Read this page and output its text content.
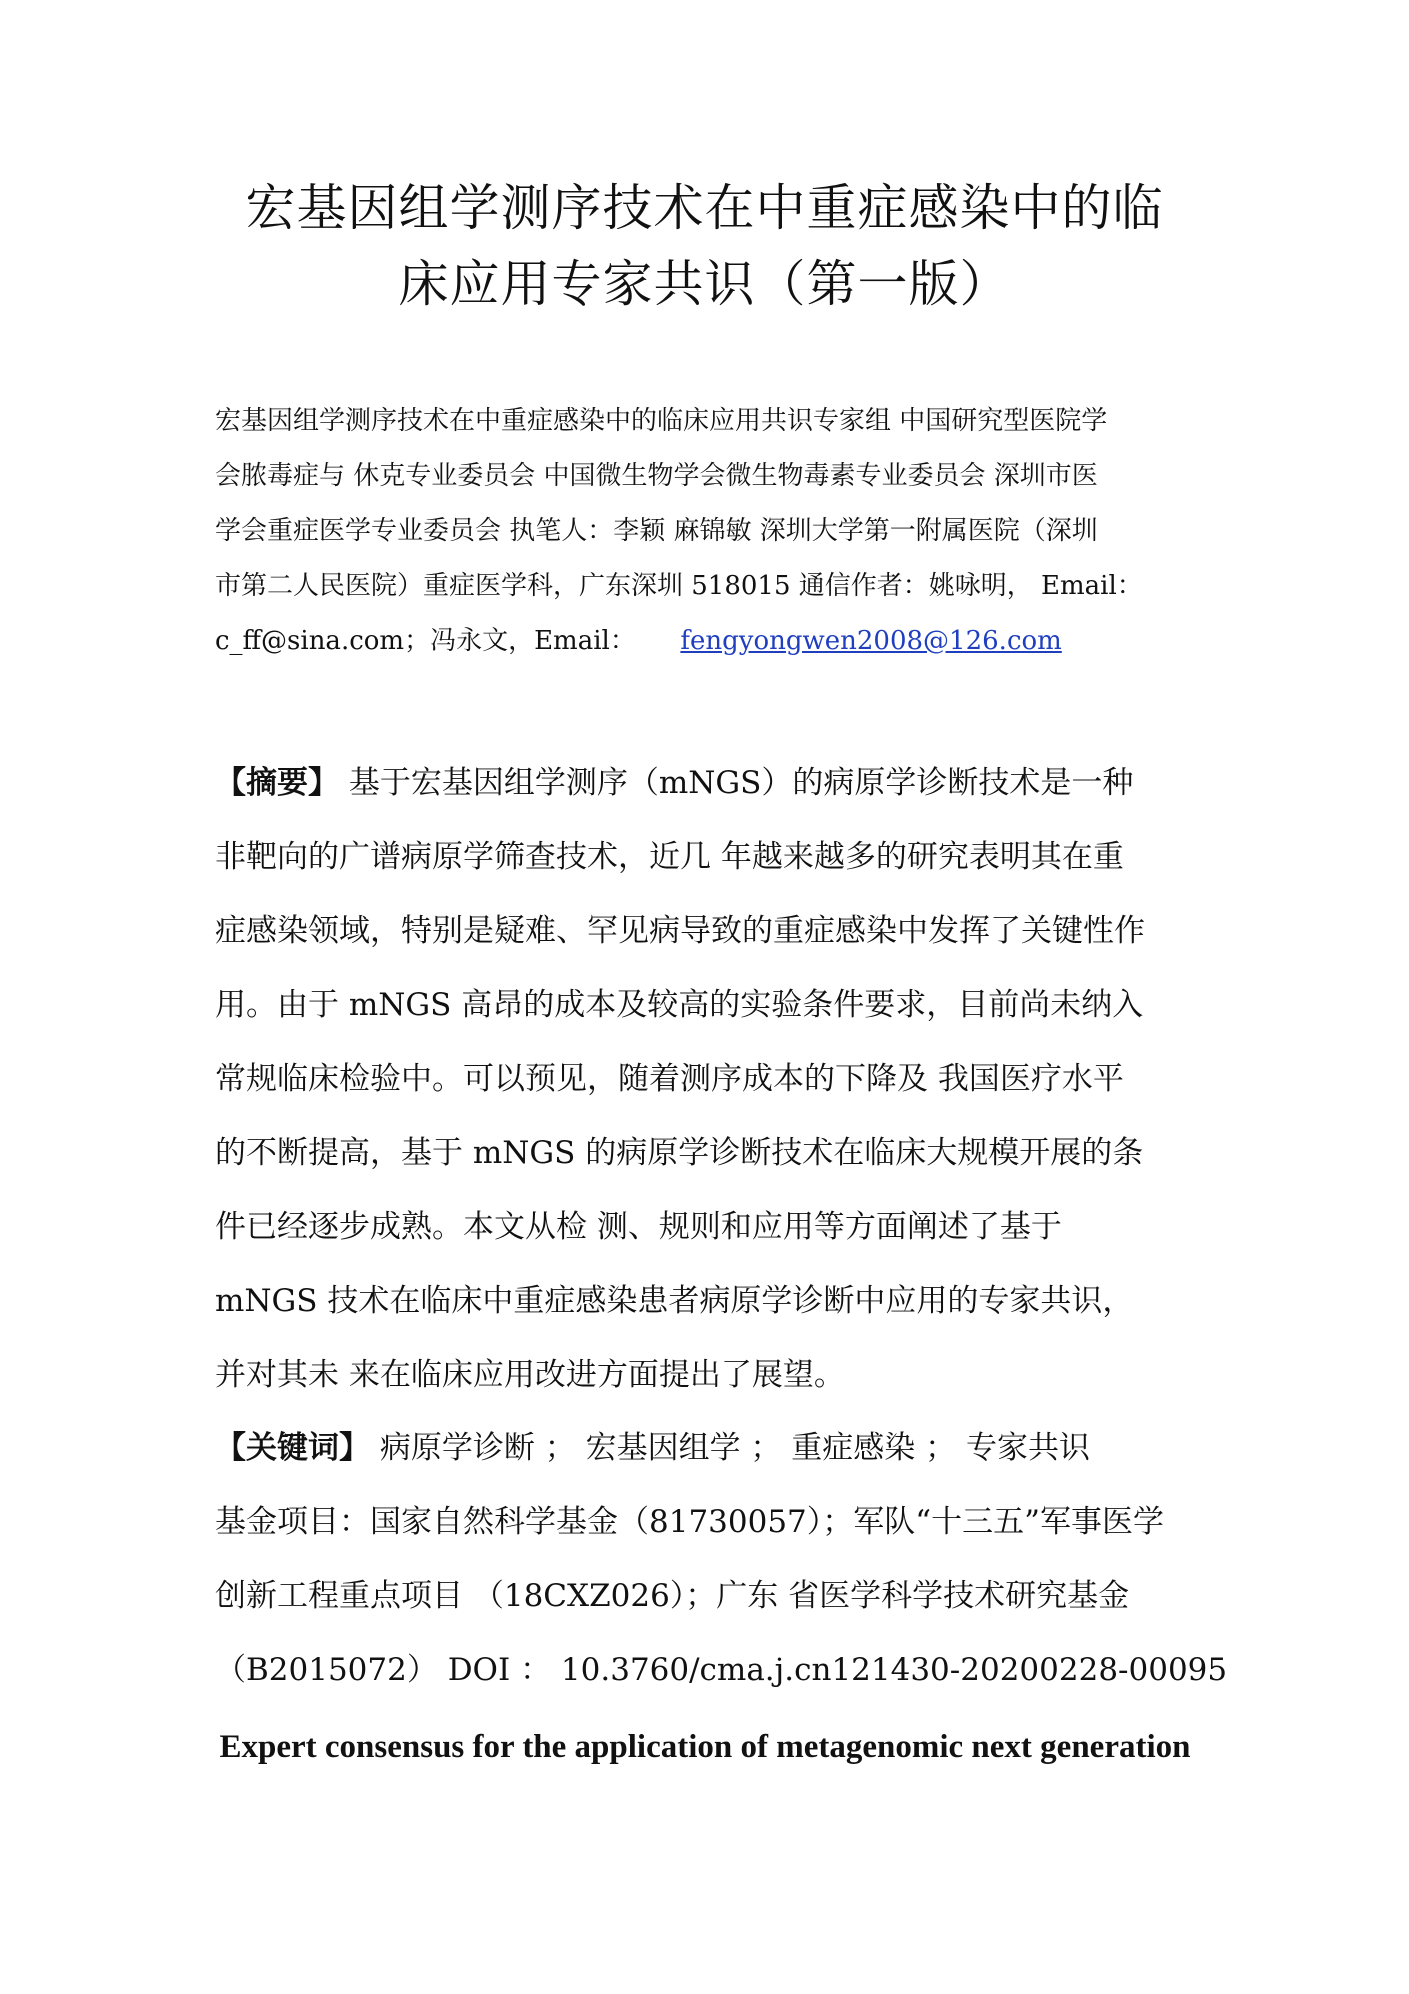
宏基因组学测序技术在中重症感染中的临
床应用专家共识（第一版）
宏基因组学测序技术在中重症感染中的临床应用共识专家组 中国研究型医院学
会脓毒症与 休克专业委员会 中国微生物学会微生物毒素专业委员会 深圳市医
学会重症医学专业委员会 执笔人：李颖 麻锦敏 深圳大学第一附属医院（深圳
市第二人民医院）重症医学科，广东深圳 518015 通信作者：姚咏明， Email：
c_ff@sina.com；冯永文，Email： fengyongwen2008@126.com
【摘要】 基于宏基因组学测序（mNGS）的病原学诊断技术是一种
非靶向的广谱病原学筛查技术，近几 年越来越多的研究表明其在重
症感染领域，特别是疑难、罕见病导致的重症感染中发挥了关键性作
用。由于 mNGS 高昂的成本及较高的实验条件要求，目前尚未纳入
常规临床检验中。可以预见，随着测序成本的下降及 我国医疗水平
的不断提高，基于 mNGS 的病原学诊断技术在临床大规模开展的条
件已经逐步成熟。本文从检 测、规则和应用等方面阐述了基于
mNGS 技术在临床中重症感染患者病原学诊断中应用的专家共识，
并对其未 来在临床应用改进方面提出了展望。
【关键词】 病原学诊断 ； 宏基因组学 ； 重症感染 ； 专家共识
基金项目：国家自然科学基金（81730057）；军队“十三五”军事医学
创新工程重点项目 （18CXZ026）；广东 省医学科学技术研究基金
（B2015072） DOI ： 10.3760/cma.j.cn121430-20200228-00095
Expert consensus for the application of metagenomic next generation
